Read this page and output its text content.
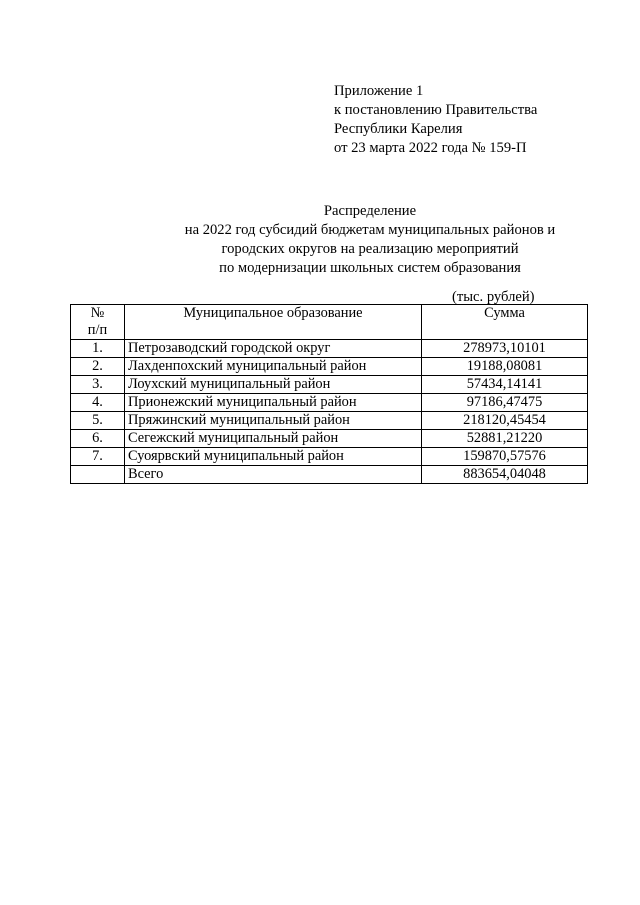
Приложение 1
к постановлению Правительства
Республики Карелия
от 23 марта 2022 года № 159-П
Распределение
на 2022 год субсидий бюджетам муниципальных районов и
городских округов на реализацию мероприятий
по модернизации школьных систем образования
(тыс. рублей)
№
п/п	Муниципальное образование	Сумма
1.	Петрозаводский городской округ	278973,10101
2.	Лахденпохский муниципальный район	19188,08081
3.	Лоухский муниципальный район	57434,14141
4.	Прионежский муниципальный район	97186,47475
5.	Пряжинский муниципальный район	218120,45454
6.	Сегежский муниципальный район	52881,21220
7.	Суоярвский муниципальный район	159870,57576
	Всего	883654,04048
